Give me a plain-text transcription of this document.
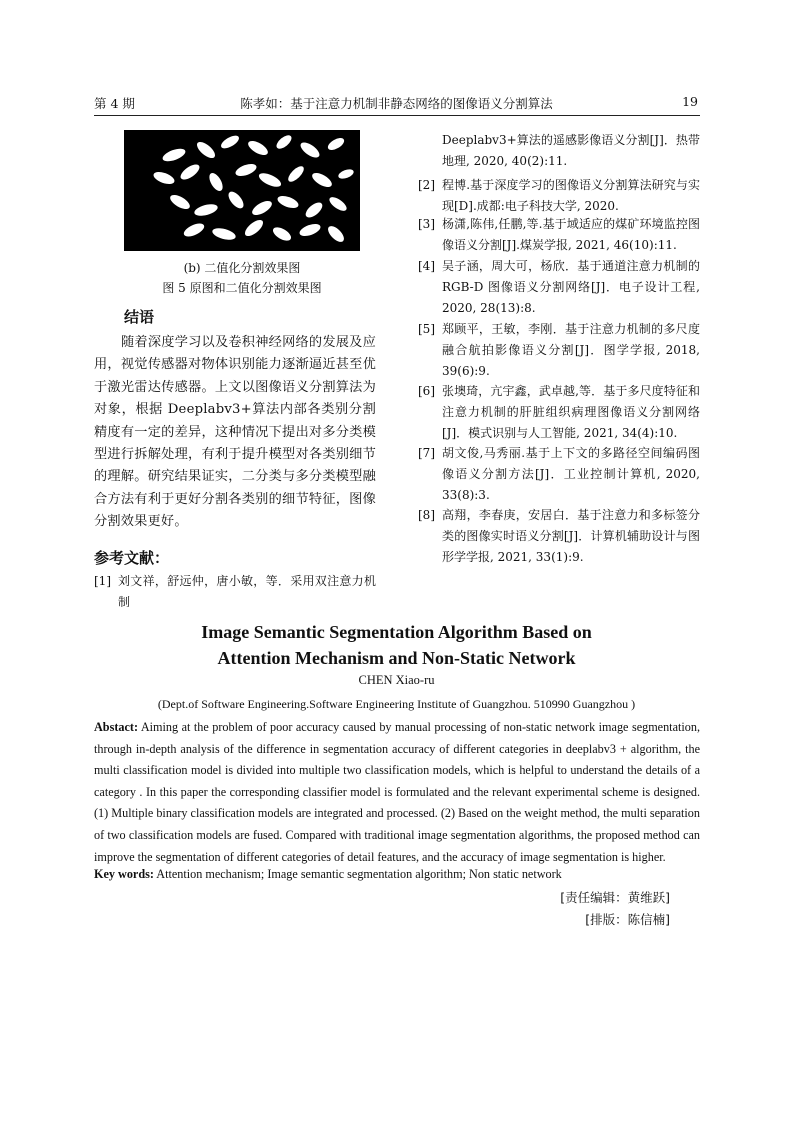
第 4 期	陈孝如：基于注意力机制非静态网络的图像语义分割算法	19
(b) 二值化分割效果图
图 5 原图和二值化分割效果图
结语
随着深度学习以及卷积神经网络的发展及应用，视觉传感器对物体识别能力逐渐逼近甚至优于激光雷达传感器。上文以图像语义分割算法为对象，根据 Deeplabv3+算法内部各类别分割精度有一定的差异，这种情况下提出对多分类模型进行拆解处理，有利于提升模型对各类别细节的理解。研究结果证实，二分类与多分类模型融合方法有利于更好分割各类别的细节特征，图像分割效果更好。
参考文献：
[1] 刘文祥，舒远仲，唐小敏，等．采用双注意力机制
Deeplabv3+算法的遥感影像语义分割[J]．热带地理, 2020, 40(2):11.
[2] 程博.基于深度学习的图像语义分割算法研究与实现[D].成都:电子科技大学, 2020.
[3] 杨潇,陈伟,任鹏,等.基于域适应的煤矿环境监控图像语义分割[J].煤炭学报, 2021, 46(10):11.
[4] 吴子涵，周大可，杨欣．基于通道注意力机制的RGB-D 图像语义分割网络[J]．电子设计工程, 2020, 28(13):8.
[5] 郑顾平，王敏，李刚．基于注意力机制的多尺度融合航拍影像语义分割[J]．图学学报, 2018, 39(6):9.
[6] 张墺琦，亢宇鑫，武卓越,等．基于多尺度特征和注意力机制的肝脏组织病理图像语义分割网络[J]．模式识别与人工智能, 2021, 34(4):10.
[7] 胡文俊,马秀丽.基于上下文的多路径空间编码图像语义分割方法[J]．工业控制计算机, 2020, 33(8):3.
[8] 高翔，李春庚，安居白．基于注意力和多标签分类的图像实时语义分割[J]．计算机辅助设计与图形学学报, 2021, 33(1):9.
Image Semantic Segmentation Algorithm Based on
Attention Mechanism and Non-Static Network
CHEN Xiao-ru
(Dept.of Software Engineering.Software Engineering Institute of Guangzhou. 510990 Guangzhou )
Abstact: Aiming at the problem of poor accuracy caused by manual processing of non-static network image segmentation, through in-depth analysis of the difference in segmentation accuracy of different categories in deeplabv3 + algorithm, the multi classification model is divided into multiple two classification models, which is helpful to understand the details of a category . In this paper the corresponding classifier model is formulated and the relevant experimental scheme is designed. (1) Multiple binary classification models are integrated and processed. (2) Based on the weight method, the multi separation of two classification models are fused. Compared with traditional image segmentation algorithms, the proposed method can improve the segmentation of different categories of detail features, and the accuracy of image segmentation is higher.
Key words: Attention mechanism; Image semantic segmentation algorithm; Non static network
[责任编辑：黄维跃]
[排版：陈信楠]
